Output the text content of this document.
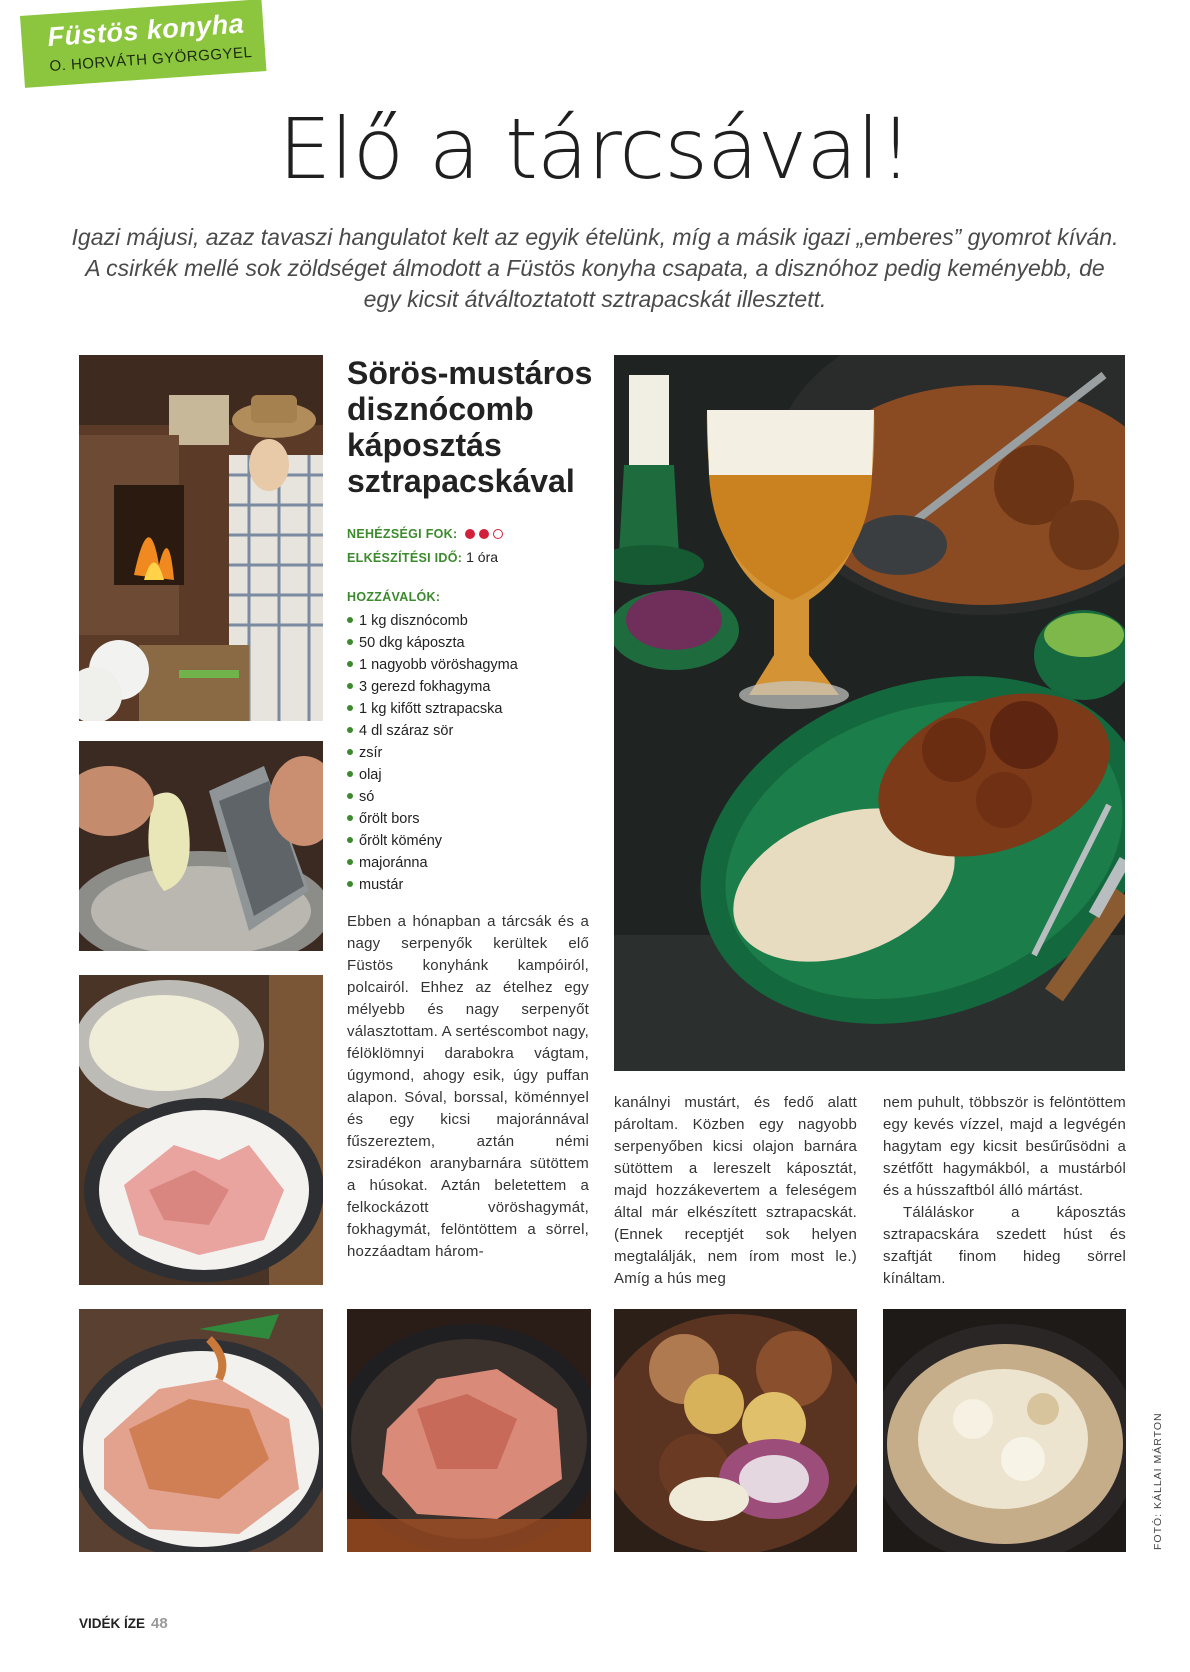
Füstös konyha
O. HORVÁTH GYÖRGGYEL
Elő a tárcsával!
Igazi májusi, azaz tavaszi hangulatot kelt az egyik ételünk, míg a másik igazi „emberes” gyomrot kíván. A csirkék mellé sok zöldséget álmodott a Füstös konyha csapata, a disznóhoz pedig keményebb, de egy kicsit átváltoztatott sztrapacskát illesztett.
Sörös-mustáros disznócomb káposztás sztrapacskával
NEHÉZSÉGI FOK:
ELKÉSZÍTÉSI IDŐ: 1 óra
HOZZÁVALÓK:
1 kg disznócomb
50 dkg káposzta
1 nagyobb vöröshagyma
3 gerezd fokhagyma
1 kg kifőtt sztrapacska
4 dl száraz sör
zsír
olaj
só
őrölt bors
őrölt kömény
majoránna
mustár
Ebben a hónapban a tárcsák és a nagy serpenyők kerültek elő Füstös konyhánk kampóiról, polcairól. Ehhez az ételhez egy mélyebb és nagy serpenyőt választottam. A sertéscombot nagy, félöklömnyi darabokra vágtam, úgymond, ahogy esik, úgy puffan alapon. Sóval, borssal, köménnyel és egy kicsi majoránnával fűszereztem, aztán némi zsiradékon aranybarnára sütöttem a húsokat. Aztán beletettem a felkockázott vöröshagymát, fokhagymát, felöntöttem a sörrel, hozzáadtam három-
kanálnyi mustárt, és fedő alatt pároltam. Közben egy nagyobb serpenyőben kicsi olajon barnára sütöttem a lereszelt káposztát, majd hozzákevertem a feleségem által már elkészített sztrapacskát. (Ennek receptjét sok helyen megtalálják, nem írom most le.) Amíg a hús meg
nem puhult, többször is felöntöttem egy kevés vízzel, majd a legvégén hagytam egy kicsit besűrűsödni a szétfőtt hagymákból, a mustárból és a hússzaftból álló mártást.
Táláláskor a káposztás sztrapacskára szedett húst és szaftját finom hideg sörrel kínáltam.
FOTÓ: KÁLLAI MÁRTON
VIDÉK ÍZE 48
